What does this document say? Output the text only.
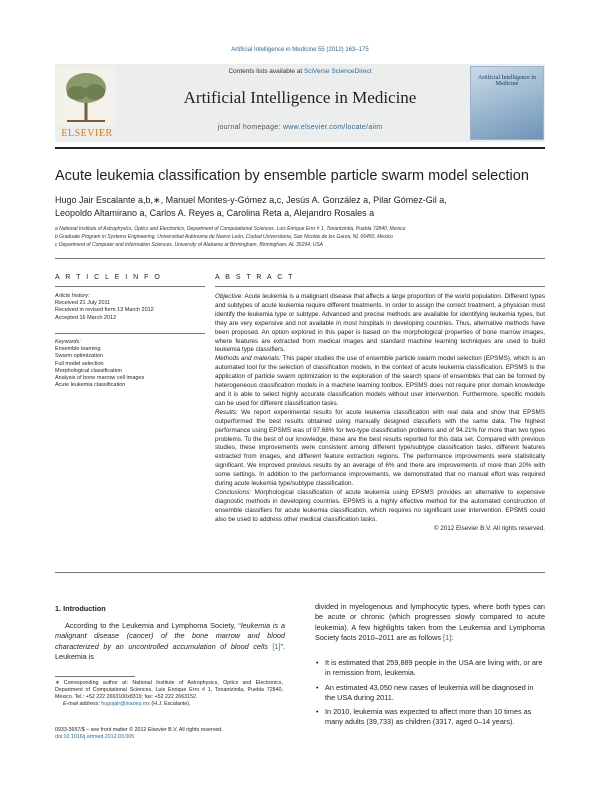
Artificial Intelligence in Medicine 55 (2012) 163–175
ELSEVIER
Contents lists available at SciVerse ScienceDirect
Artificial Intelligence in Medicine
journal homepage: www.elsevier.com/locate/aiim
Artificial Intelligence in Medicine
Acute leukemia classification by ensemble particle swarm model selection
Hugo Jair Escalante a,b,∗, Manuel Montes-y-Gómez a,c, Jesús A. González a, Pilar Gómez-Gil a,
Leopoldo Altamirano a, Carlos A. Reyes a, Carolina Reta a, Alejandro Rosales a
a National Institute of Astrophysics, Optics and Electronics, Department of Computational Sciences, Luis Enrique Erro # 1, Tonantzintla, Puebla 72840, Mexico
b Graduate Program in Systems Engineering, Universidad Autónoma de Nuevo León, Ciudad Universitaria, San Nicolás de los Garza, NL 66450, Mexico
c Department of Computer and Information Sciences, University of Alabama at Birmingham, Birmingham, AL 35294, USA
A R T I C L E I N F O
Article history:
Received 21 July 2011
Received in revised form 13 March 2012
Accepted 16 March 2012
Keywords:
Ensemble learning
Swarm optimization
Full model selection
Morphological classification
Analysis of bone marrow cell images
Acute leukemia classification
A B S T R A C T

Objective: Acute leukemia is a malignant disease that affects a large proportion of the world population. Different types and subtypes of acute leukemia require different treatments. In order to assign the correct treatment, a physician must identify the leukemia type or subtype. Advanced and precise methods are available for identifying leukemia types, but they are very expensive and not available in most hospitals in developing countries. Thus, alternative methods have been proposed. An option explored in this paper is based on the morphological properties of bone marrow images, where features are extracted from medical images and standard machine learning techniques are used to build leukemia type classifiers.

Methods and materials: This paper studies the use of ensemble particle swarm model selection (EPSMS), which is an automated tool for the selection of classification models, in the context of acute leukemia classification. EPSMS is the application of particle swarm optimization to the exploration of the search space of ensembles that can be formed by heterogeneous classification models in a machine learning toolbox. EPSMS does not require prior domain knowledge and it is able to select highly accurate classification models without user intervention. Furthermore, specific models can be used for different classification tasks.

Results: We report experimental results for acute leukemia classification with real data and show that EPSMS outperformed the best results obtained using manually designed classifiers with the same data. The highest performance using EPSMS was of 97.68% for two-type classification problems and of 94.21% for more than two types problems. To the best of our knowledge, these are the best results reported for this data set. Compared with previous studies, these improvements were consistent among different type/subtype classification tasks, different features extracted from images, and different feature extraction regions. The performance improvements were statistically significant. We improved previous results by an average of 6% and there are improvements of more than 20% with some settings. In addition to the performance improvements, we demonstrated that no manual effort was required during acute leukemia type/subtype classification.

Conclusions: Morphological classification of acute leukemia using EPSMS provides an alternative to expensive diagnostic methods in developing countries. EPSMS is a highly effective method for the automated construction of ensemble classifiers for acute leukemia classification, which requires no significant user intervention. EPSMS could also be used to address other medical classification tasks.

© 2012 Elsevier B.V. All rights reserved.

1. Introduction
According to the Leukemia and Lymphoma Society, “leukemia is a malignant disease (cancer) of the bone marrow and blood characterized by an uncontrolled accumulation of blood cells [1]”. Leukemia is
∗ Corresponding author at: National Institute of Astrophysics, Optics and Electronics, Department of Computational Sciences, Luis Enrique Erro # 1, Tonantzintla, Puebla 72840, Mexico. Tel.: +52 222 2663100x8319; fax: +52 222 2663152.
E-mail address: hugojair@inaoep.mx (H.J. Escalante).
0933-3657/$ – see front matter © 2012 Elsevier B.V. All rights reserved.
doi:10.1016/j.artmed.2012.03.005
divided in myelogenous and lymphocytic types, where both types can be acute or chronic (which progresses slowly compared to acute leukemia). A few highlights taken from the Leukemia and Lymphoma Society facts 2010–2011 are as follows [1]:
• It is estimated that 259,889 people in the USA are living with, or are in remission from, leukemia.
• An estimated 43,050 new cases of leukemia will be diagnosed in the USA during 2011.
• In 2010, leukemia was expected to affect more than 10 times as many adults (39,733) as children (3317, aged 0–14 years).
